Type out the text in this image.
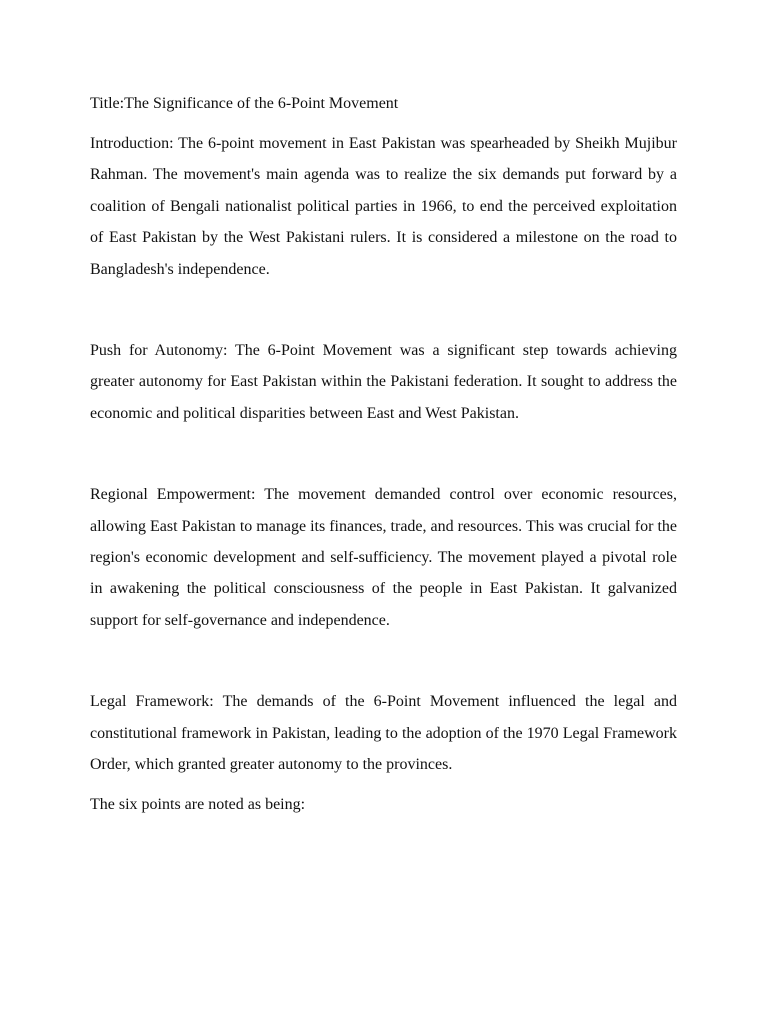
Title:The Significance of the 6-Point Movement

Introduction: The 6-point movement in East Pakistan was spearheaded by Sheikh Mujibur Rahman. The movement's main agenda was to realize the six demands put forward by a coalition of Bengali nationalist political parties in 1966, to end the perceived exploitation of East Pakistan by the West Pakistani rulers. It is considered a milestone on the road to Bangladesh's independence.

Push for Autonomy: The 6-Point Movement was a significant step towards achieving greater autonomy for East Pakistan within the Pakistani federation. It sought to address the economic and political disparities between East and West Pakistan.

Regional Empowerment: The movement demanded control over economic resources, allowing East Pakistan to manage its finances, trade, and resources. This was crucial for the region's economic development and self-sufficiency. The movement played a pivotal role in awakening the political consciousness of the people in East Pakistan. It galvanized support for self-governance and independence.

Legal Framework: The demands of the 6-Point Movement influenced the legal and constitutional framework in Pakistan, leading to the adoption of the 1970 Legal Framework Order, which granted greater autonomy to the provinces.

The six points are noted as being:
